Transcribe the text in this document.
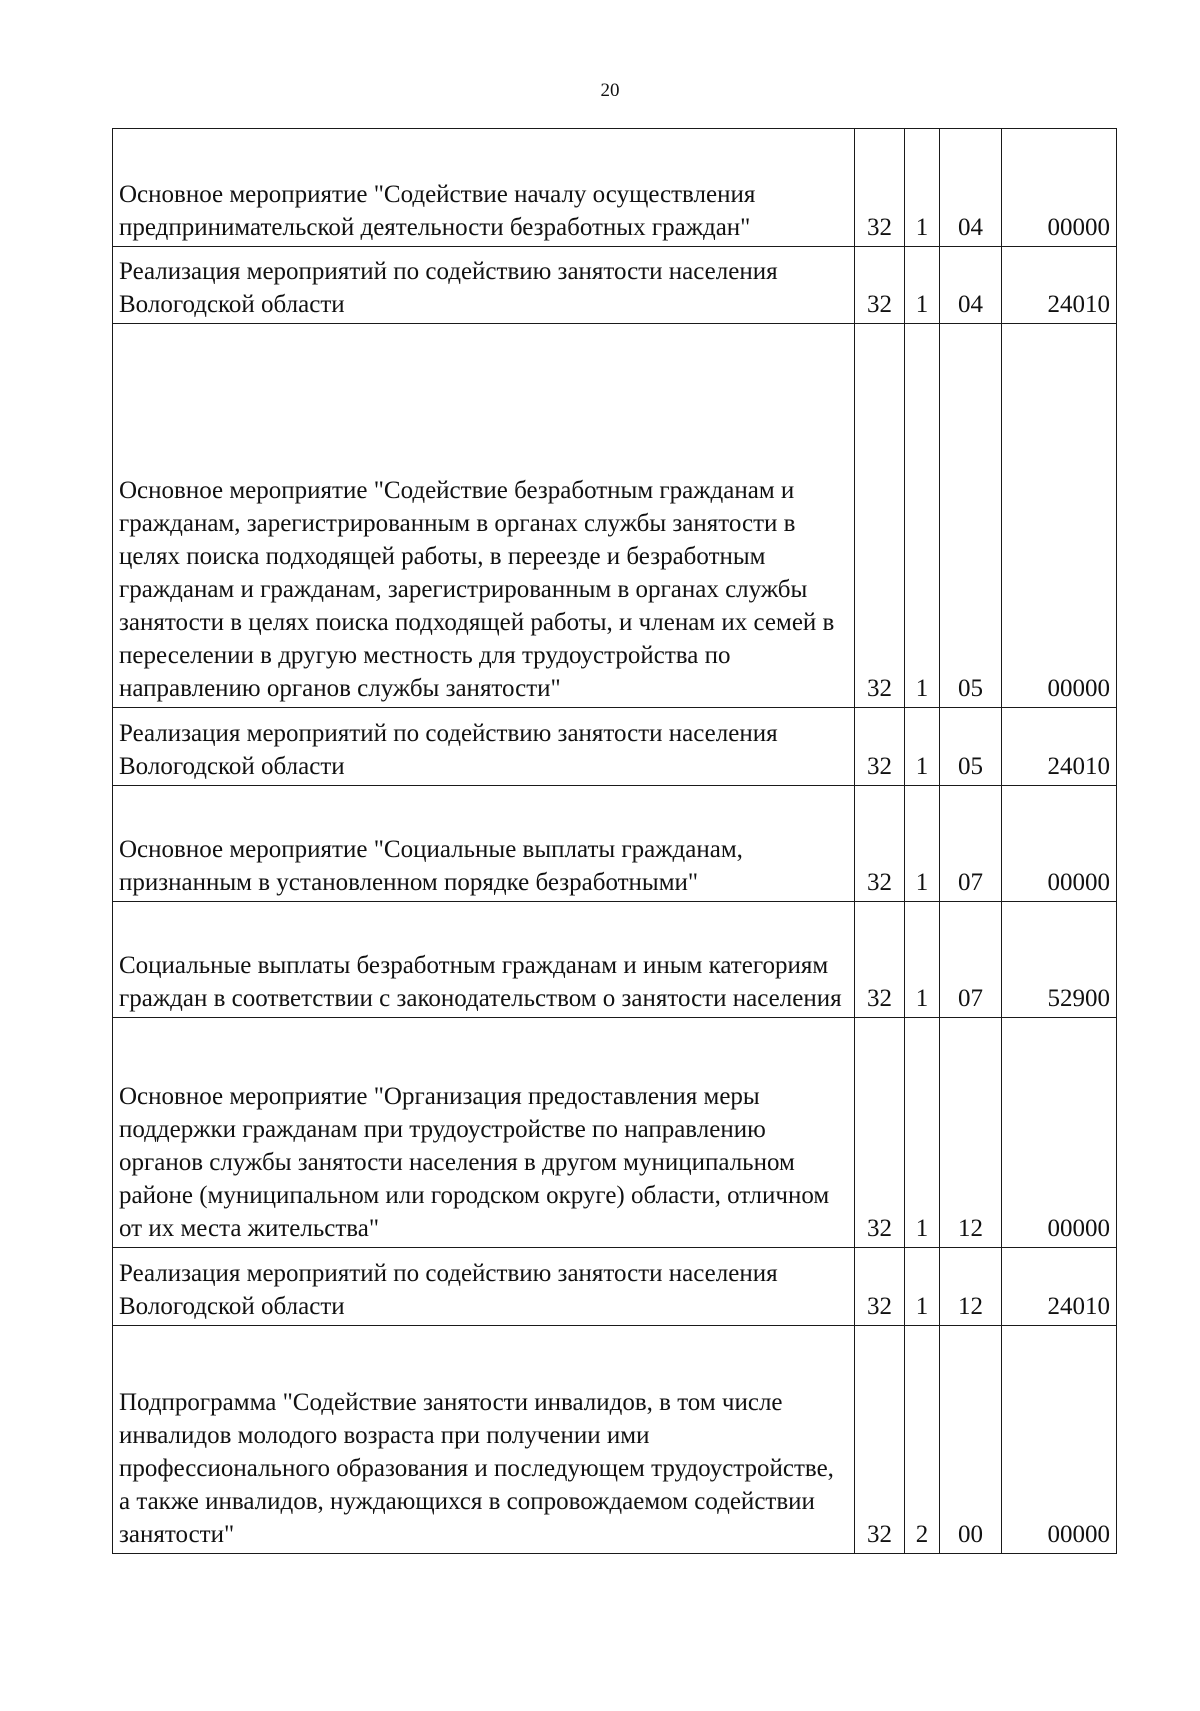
20
Основное мероприятие "Содействие началу осуществления предпринимательской деятельности безработных граждан"	32	1	04	00000
Реализация мероприятий по содействию занятости населения Вологодской области	32	1	04	24010
Основное мероприятие "Содействие безработным гражданам и гражданам, зарегистрированным в органах службы занятости в целях поиска подходящей работы, в переезде и безработным гражданам и гражданам, зарегистрированным в органах службы занятости в целях поиска подходящей работы, и членам их семей в переселении в другую местность для трудоустройства по направлению органов службы занятости"	32	1	05	00000
Реализация мероприятий по содействию занятости населения Вологодской области	32	1	05	24010
Основное мероприятие "Социальные выплаты гражданам, признанным в установленном порядке безработными"	32	1	07	00000
Социальные выплаты безработным гражданам и иным категориям граждан в соответствии с законодательством о занятости населения	32	1	07	52900
Основное мероприятие "Организация предоставления меры поддержки гражданам при трудоустройстве по направлению органов службы занятости населения в другом муниципальном районе (муниципальном или городском округе) области, отличном от их места жительства"	32	1	12	00000
Реализация мероприятий по содействию занятости населения Вологодской области	32	1	12	24010
Подпрограмма "Содействие занятости инвалидов, в том числе инвалидов молодого возраста при получении ими профессионального образования и последующем трудоустройстве, а также инвалидов, нуждающихся в сопровождаемом содействии занятости"	32	2	00	00000
